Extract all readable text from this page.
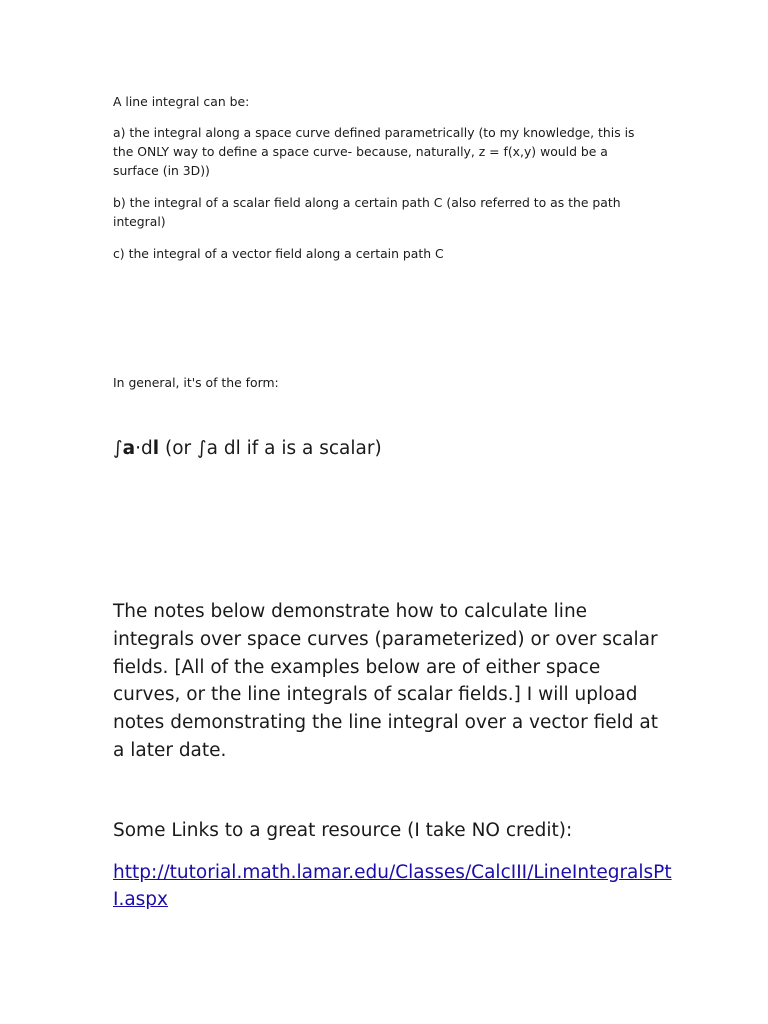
A line integral can be:

a) the integral along a space curve defined parametrically (to my knowledge, this is the ONLY way to define a space curve- because, naturally, z = f(x,y) would be a surface (in 3D))

b) the integral of a scalar field along a certain path C (also referred to as the path integral)

c) the integral of a vector field along a certain path C

In general, it's of the form:

∫a·dl (or ∫a dl if a is a scalar)

The notes below demonstrate how to calculate line integrals over space curves (parameterized) or over scalar fields. [All of the examples below are of either space curves, or the line integrals of scalar fields.] I will upload notes demonstrating the line integral over a vector field at a later date.

Some Links to a great resource (I take NO credit):

http://tutorial.math.lamar.edu/Classes/CalcIII/LineIntegralsPtI.aspx
